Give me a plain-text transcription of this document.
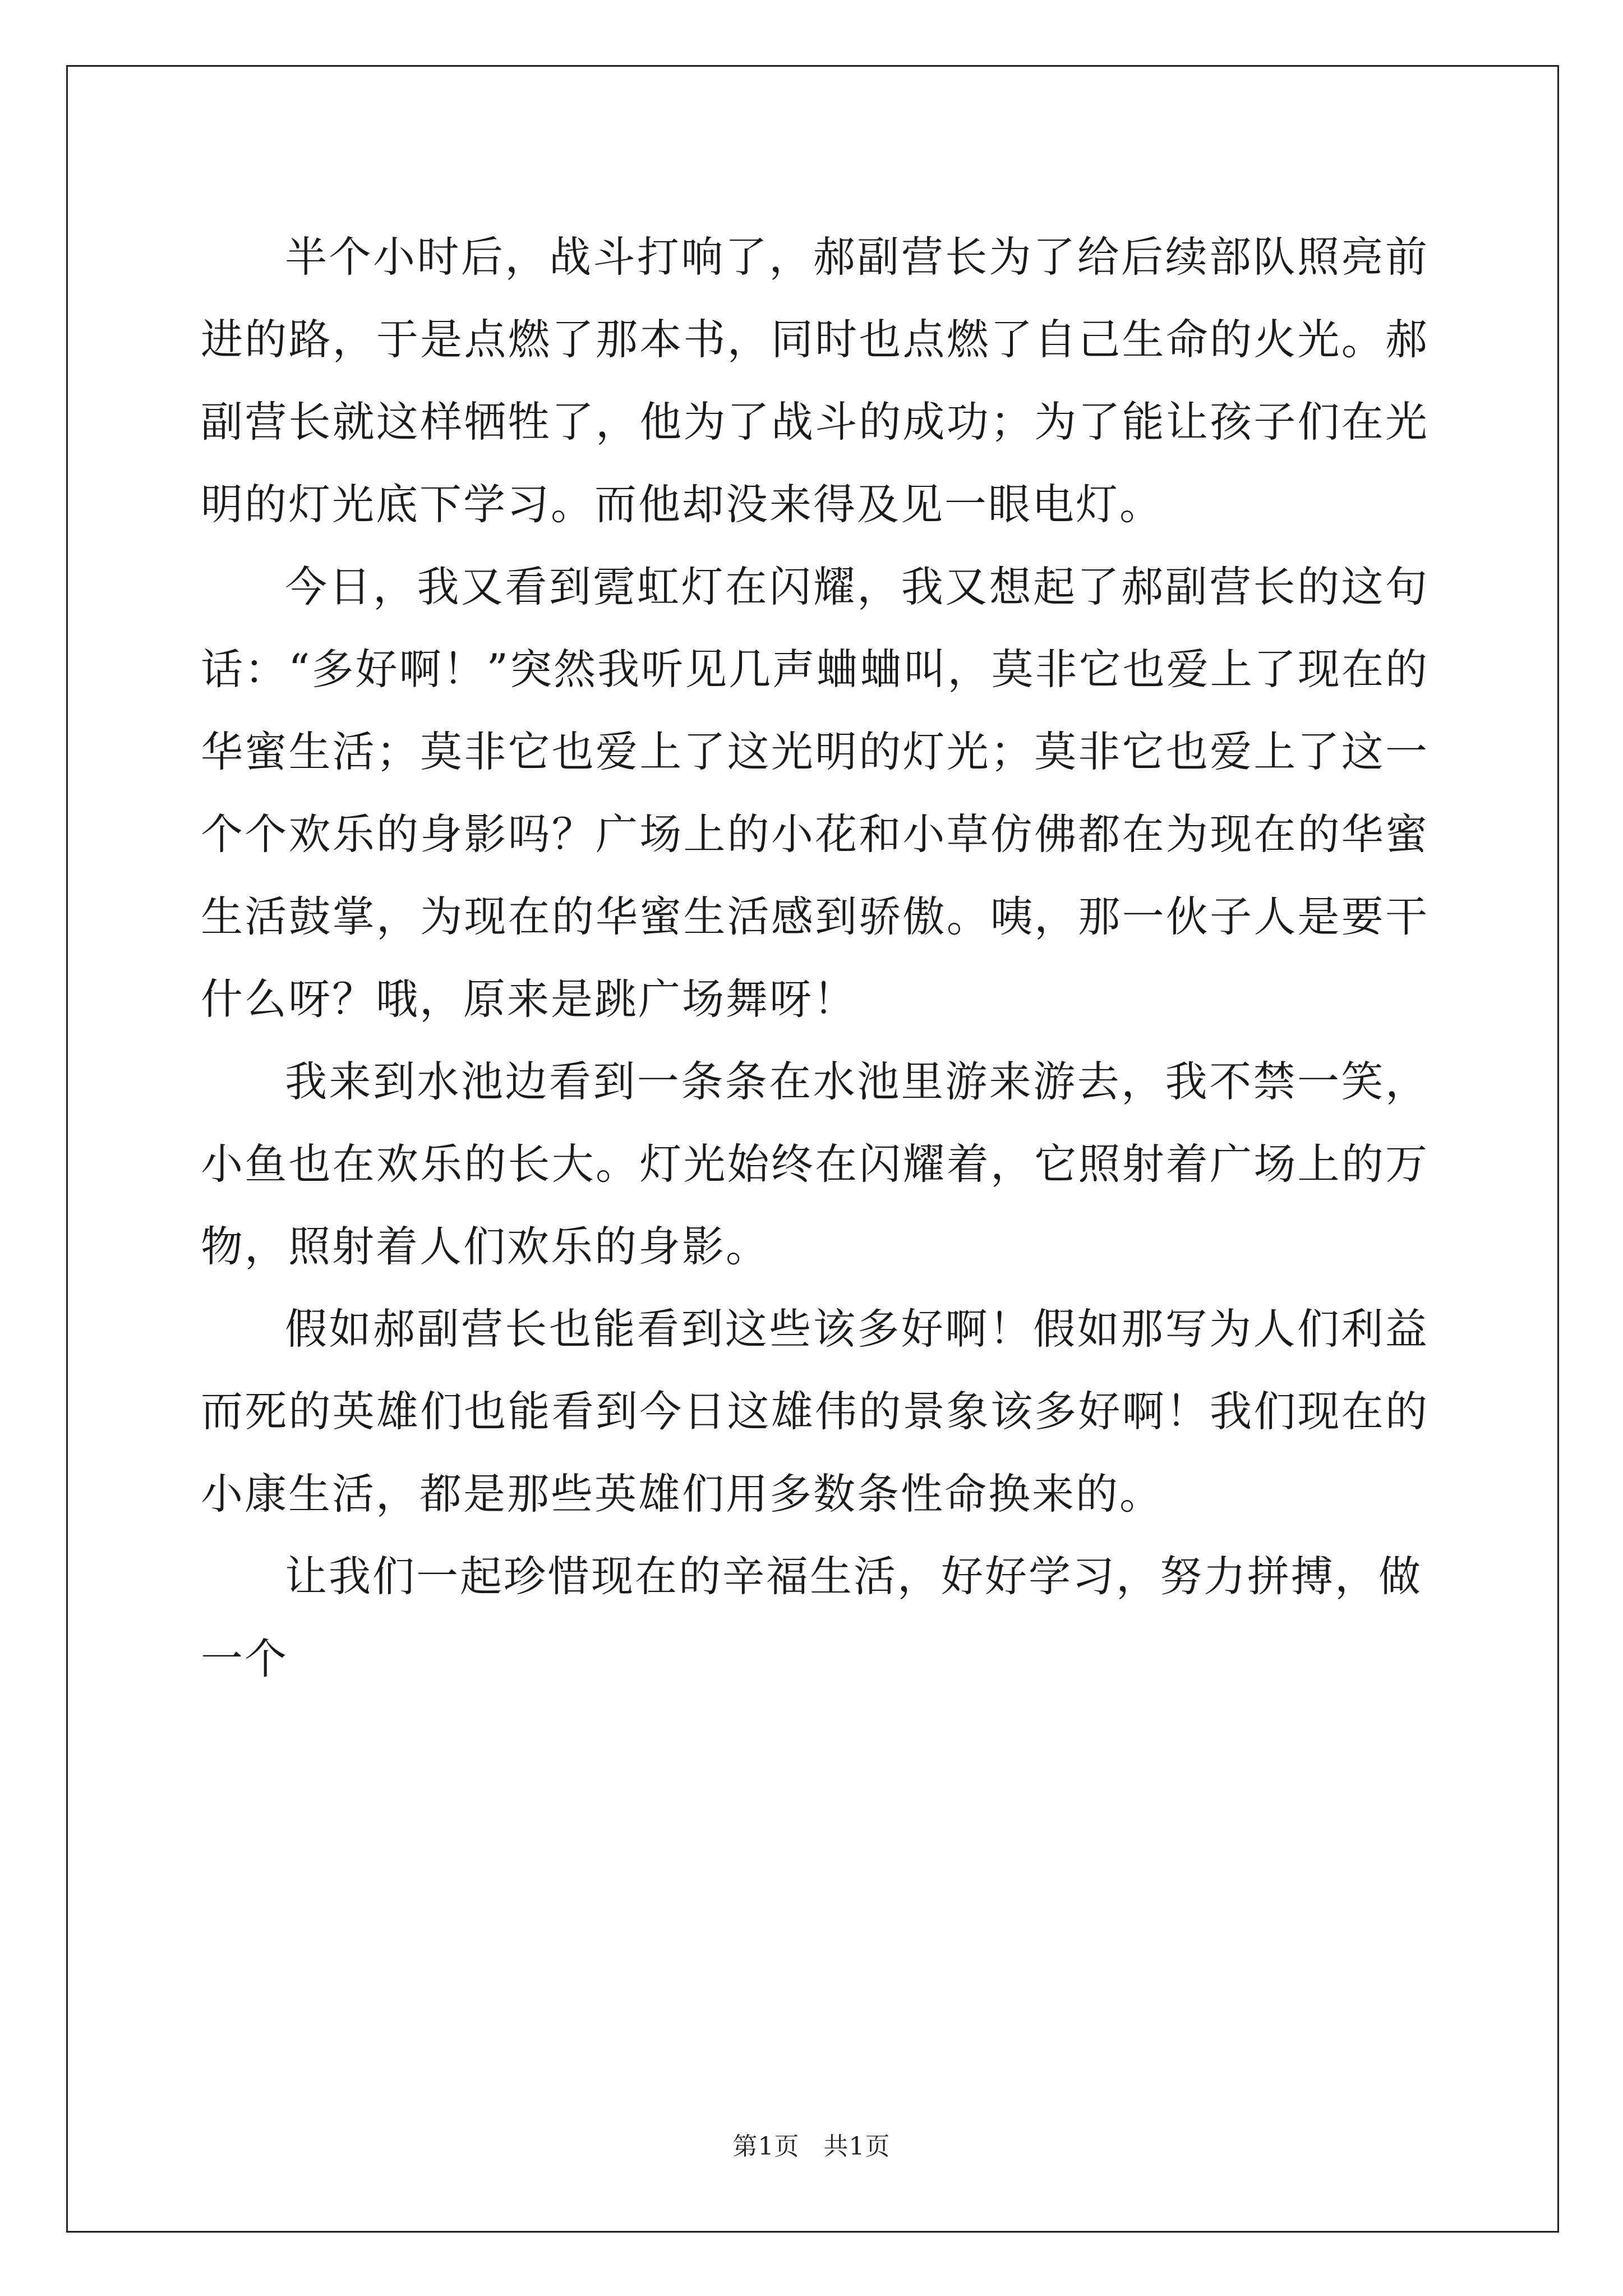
半个小时后，战斗打响了，郝副营长为了给后续部队照亮前进的路，于是点燃了那本书，同时也点燃了自己生命的火光。郝副营长就这样牺牲了，他为了战斗的成功；为了能让孩子们在光明的灯光底下学习。而他却没来得及见一眼电灯。

今日，我又看到霓虹灯在闪耀，我又想起了郝副营长的这句话：“多好啊！”突然我听见几声蛐蛐叫，莫非它也爱上了现在的华蜜生活；莫非它也爱上了这光明的灯光；莫非它也爱上了这一个个欢乐的身影吗？广场上的小花和小草仿佛都在为现在的华蜜生活鼓掌，为现在的华蜜生活感到骄傲。咦，那一伙子人是要干什么呀？哦，原来是跳广场舞呀！

我来到水池边看到一条条在水池里游来游去，我不禁一笑，小鱼也在欢乐的长大。灯光始终在闪耀着，它照射着广场上的万物，照射着人们欢乐的身影。

假如郝副营长也能看到这些该多好啊！假如那写为人们利益而死的英雄们也能看到今日这雄伟的景象该多好啊！我们现在的小康生活，都是那些英雄们用多数条性命换来的。

让我们一起珍惜现在的辛福生活，好好学习，努力拼搏，做一个

第1页 共1页
